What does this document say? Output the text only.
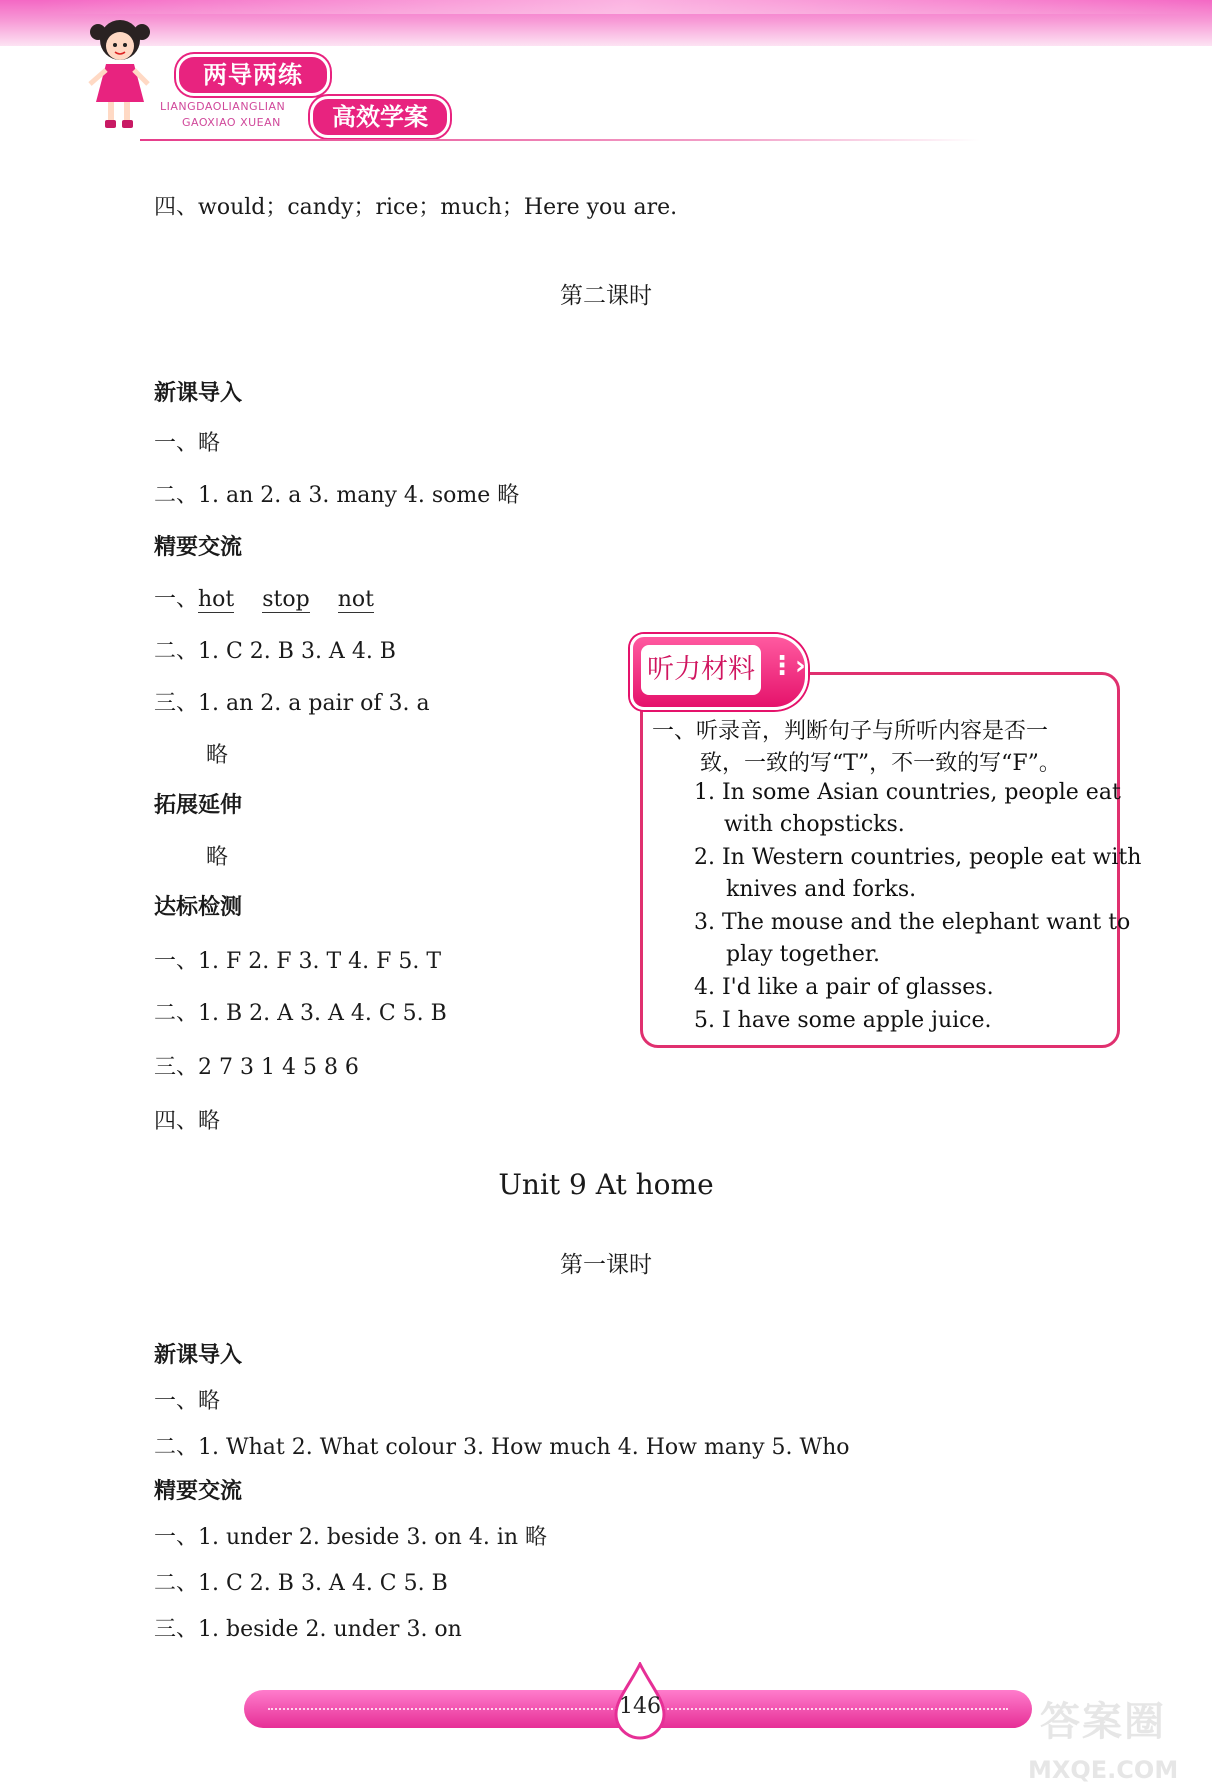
两导两练
LIANGDAOLIANGLIAN
GAOXIAO XUEAN	高效学案
四、would；candy；rice；much；Here you are.
第二课时
新课导入
一、略
二、1. an 2. a 3. many 4. some 略
精要交流
一、hot stop not
二、1. C 2. B 3. A 4. B
三、1. an 2. a pair of 3. a
略
拓展延伸
略
达标检测
一、1. F 2. F 3. T 4. F 5. T
二、1. B 2. A 3. A 4. C 5. B
三、2 7 3 1 4 5 8 6
四、略
听力材料 ⋮›
一、听录音，判断句子与所听内容是否一
致，一致的写“T”，不一致的写“F”。
1. In some Asian countries, people eat
with chopsticks.
2. In Western countries, people eat with
knives and forks.
3. The mouse and the elephant want to
play together.
4. I'd like a pair of glasses.
5. I have some apple juice.
Unit 9 At home
第一课时
新课导入
一、略
二、1. What 2. What colour 3. How much 4. How many 5. Who
精要交流
一、1. under 2. beside 3. on 4. in 略
二、1. C 2. B 3. A 4. C 5. B
三、1. beside 2. under 3. on
146	答案圈
MXQE.COM
